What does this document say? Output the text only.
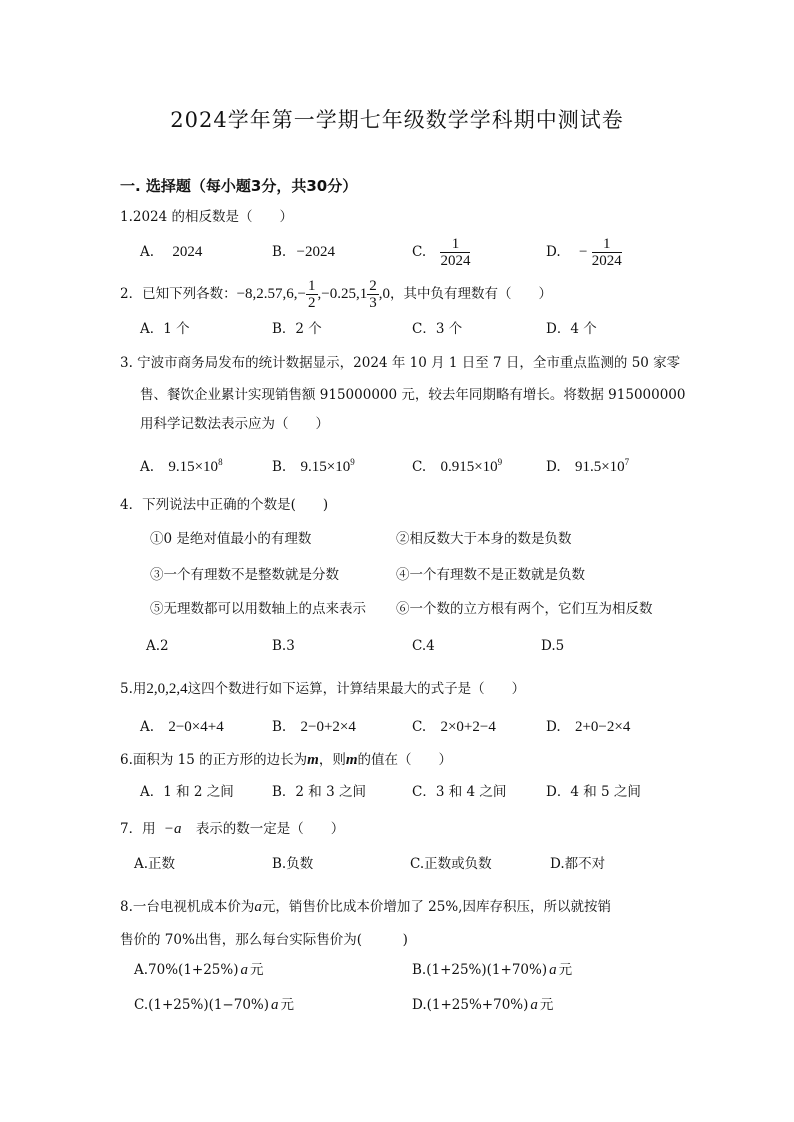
2024学年第一学期七年级数学学科期中测试卷
一. 选择题（每小题3分，共30分）
1.2024 的相反数是（　　）
A. 2024	B. −2024	C. $\frac{1}{2024}$	D. − $\frac{1}{2024}$
2．已知下列各数：$-8,2.57,6,- \frac{1}{2} ,-0.25,1 \frac{2}{3} ,0$，其中负有理数有（　　）
A．1 个	B．2 个	C．3 个	D．4 个
3. 宁波市商务局发布的统计数据显示，2024 年 10 月 1 日至 7 日，全市重点监测的 50 家零
售、餐饮企业累计实现销售额 915000000 元，较去年同期略有增长。将数据 915000000
用科学记数法表示应为（　　）
A. $9.15\times 10^8$	B. $9.15\times 10^9$	C. $0.915\times 10^9$	D. $91.5\times 10^7$
4．下列说法中正确的个数是(　　)
①0 是绝对值最小的有理数	②相反数大于本身的数是负数
③一个有理数不是整数就是分数	④一个有理数不是正数就是负数
⑤无理数都可以用数轴上的点来表示 ⑥一个数的立方根有两个，它们互为相反数
A.2	B.3	C.4	D.5
5.用2,0,2,4这四个数进行如下运算，计算结果最大的式子是（　　）
A. 2−0×4+4	B. 2−0+2×4	C. 2×0+2−4	D. 2+0−2×4
6.面积为 15 的正方形的边长为m，则m的值在（　　）
A．1 和 2 之间	B．2 和 3 之间	C．3 和 4 之间	D．4 和 5 之间
7．用 −a 表示的数一定是（　　）
A.正数	B.负数	C.正数或负数	D.都不对
8.一台电视机成本价为a元，销售价比成本价增加了 25%,因库存积压，所以就按销
售价的 70%出售，那么每台实际售价为(　　　)
A.70%(1+25%) a 元	B.(1+25%)(1+70%) a 元
C.(1+25%)(1−70%) a 元	D.(1+25%+70%) a 元
